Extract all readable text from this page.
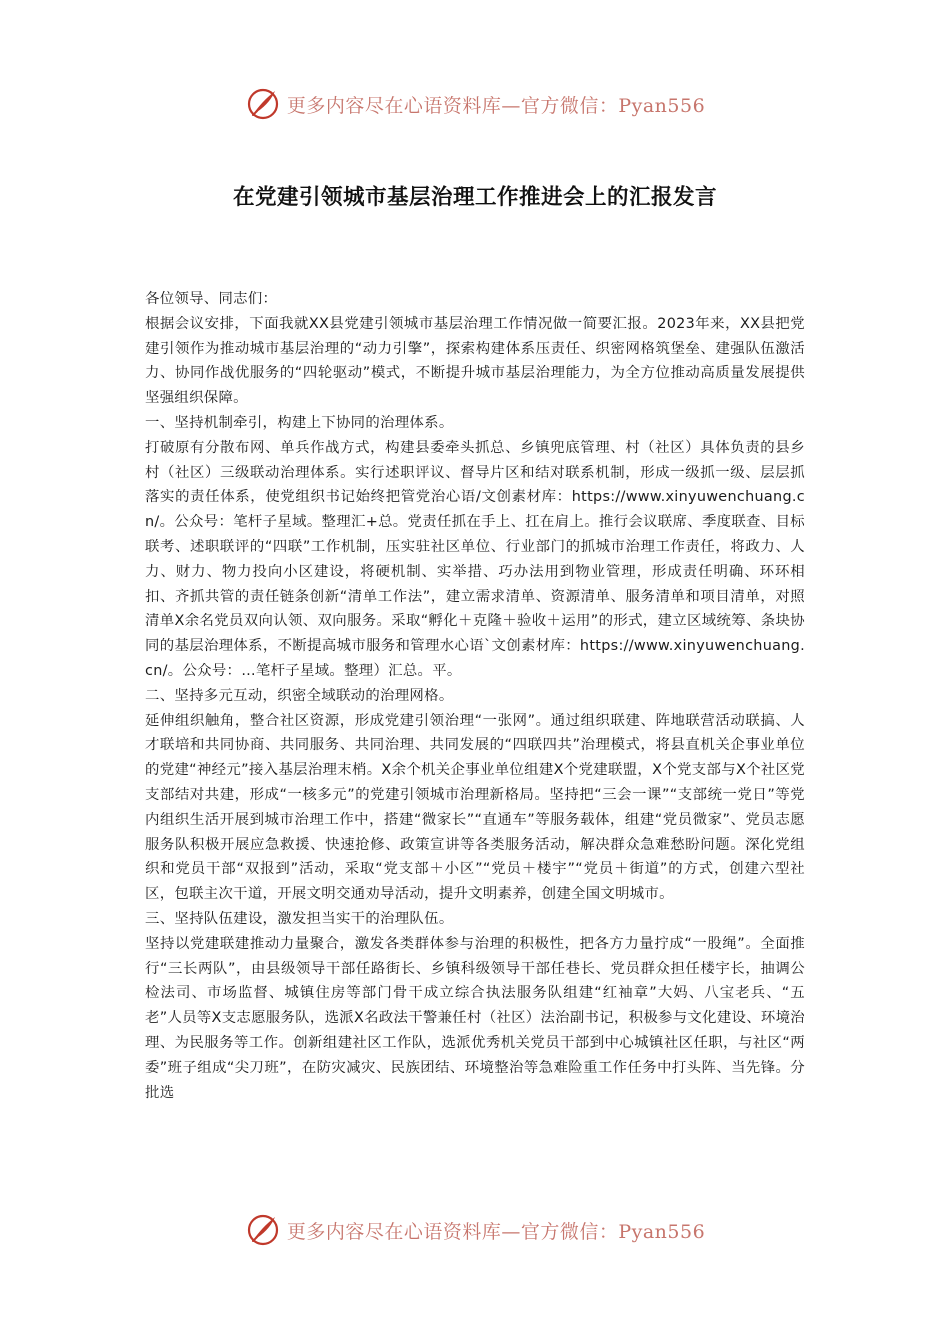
更多内容尽在心语资料库—官方微信：Pyan556
在党建引领城市基层治理工作推进会上的汇报发言

各位领导、同志们：

根据会议安排，下面我就XX县党建引领城市基层治理工作情况做一简要汇报。2023年来，XX县把党建引领作为推动城市基层治理的“动力引擎”，探索构建体系压责任、织密网格筑堡垒、建强队伍激活力、协同作战优服务的“四轮驱动”模式，不断提升城市基层治理能力，为全方位推动高质量发展提供坚强组织保障。

一、坚持机制牵引，构建上下协同的治理体系。

打破原有分散布网、单兵作战方式，构建县委牵头抓总、乡镇兜底管理、村（社区）具体负责的县乡村（社区）三级联动治理体系。实行述职评议、督导片区和结对联系机制，形成一级抓一级、层层抓落实的责任体系，使党组织书记始终把管党治心语/文创素材库：https://www.xinyuwenchuang.cn/。公众号：笔杆子星域。整理汇+总。党责任抓在手上、扛在肩上。推行会议联席、季度联查、目标联考、述职联评的“四联”工作机制，压实驻社区单位、行业部门的抓城市治理工作责任，将政力、人力、财力、物力投向小区建设，将硬机制、实举措、巧办法用到物业管理，形成责任明确、环环相扣、齐抓共管的责任链条创新“清单工作法”，建立需求清单、资源清单、服务清单和项目清单，对照清单X余名党员双向认领、双向服务。采取“孵化＋克隆＋验收＋运用”的形式，建立区域统筹、条块协同的基层治理体系，不断提高城市服务和管理水心语`文创素材库：https://www.xinyuwenchuang.cn/。公众号：…笔杆子星域。整理）汇总。平。

二、坚持多元互动，织密全域联动的治理网格。

延伸组织触角，整合社区资源，形成党建引领治理“一张网”。通过组织联建、阵地联营活动联搞、人才联培和共同协商、共同服务、共同治理、共同发展的“四联四共”治理模式，将县直机关企事业单位的党建“神经元”接入基层治理末梢。X余个机关企事业单位组建X个党建联盟，X个党支部与X个社区党支部结对共建，形成“一核多元”的党建引领城市治理新格局。坚持把“三会一课”“支部统一党日”等党内组织生活开展到城市治理工作中，搭建“微家长”“直通车”等服务载体，组建“党员微家”、党员志愿服务队积极开展应急救援、快速抢修、政策宣讲等各类服务活动，解决群众急难愁盼问题。深化党组织和党员干部“双报到”活动，采取“党支部＋小区”“党员＋楼宇”“党员＋街道”的方式，创建六型社区，包联主次干道，开展文明交通劝导活动，提升文明素养，创建全国文明城市。

三、坚持队伍建设，激发担当实干的治理队伍。

坚持以党建联建推动力量聚合，激发各类群体参与治理的积极性，把各方力量拧成“一股绳”。全面推行“三长两队”，由县级领导干部任路街长、乡镇科级领导干部任巷长、党员群众担任楼宇长，抽调公检法司、市场监督、城镇住房等部门骨干成立综合执法服务队组建“红袖章”大妈、八宝老兵、“五老”人员等X支志愿服务队，选派X名政法干警兼任村（社区）法治副书记，积极参与文化建设、环境治理、为民服务等工作。创新组建社区工作队，选派优秀机关党员干部到中心城镇社区任职，与社区“两委”班子组成“尖刀班”，在防灾减灾、民族团结、环境整治等急难险重工作任务中打头阵、当先锋。分批选

更多内容尽在心语资料库—官方微信：Pyan556
